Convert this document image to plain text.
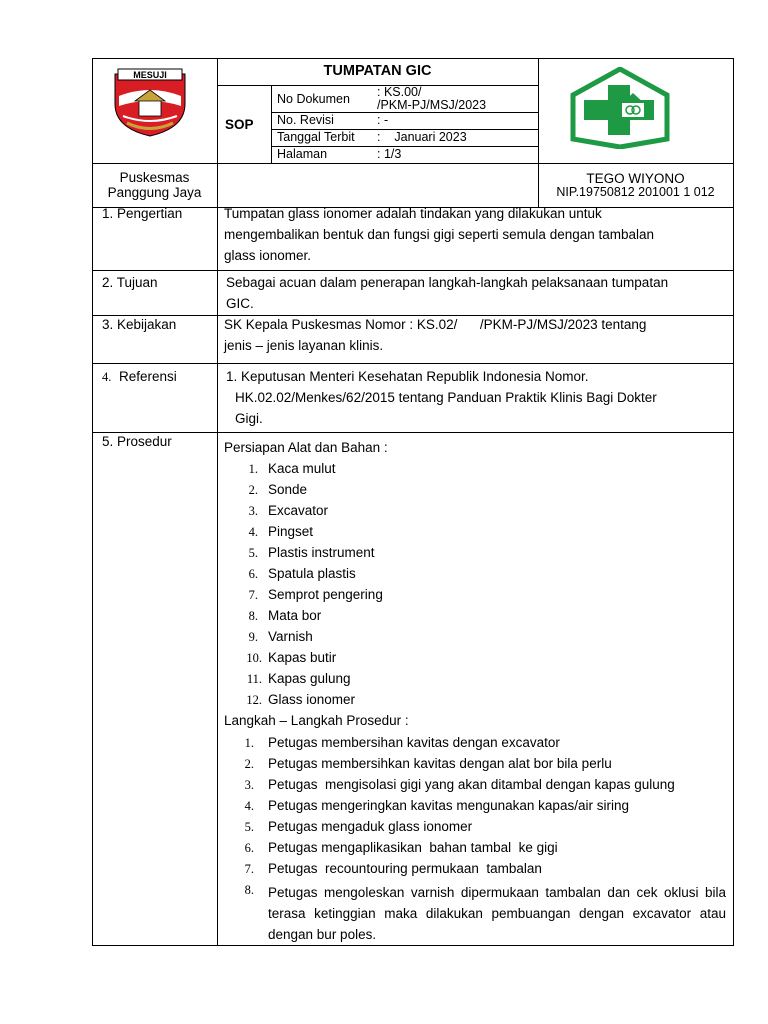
MESUJI	TUMPATAN GIC
SOP
No Dokumen : KS.00/
/PKM-PJ/MSJ/2023
No. Revisi	: -
Tanggal Terbit :    Januari 2023
Halaman	: 1/3
Puskesmas
Panggung Jaya
TEGO WIYONO
NIP.19750812 201001 1 012
1. Pengertian	Tumpatan glass ionomer adalah tindakan yang dilakukan untuk
mengembalikan bentuk dan fungsi gigi seperti semula dengan tambalan
glass ionomer.
2. Tujuan	Sebagai acuan dalam penerapan langkah-langkah pelaksanaan tumpatan
GIC.
3. Kebijakan	SK Kepala Puskesmas Nomor : KS.02/      /PKM-PJ/MSJ/2023 tentang
jenis – jenis layanan klinis.
4. Referensi	1. Keputusan Menteri Kesehatan Republik Indonesia Nomor.
HK.02.02/Menkes/62/2015 tentang Panduan Praktik Klinis Bagi Dokter
Gigi.
5. Prosedur	Persiapan Alat dan Bahan :
1. Kaca mulut
2. Sonde
3. Excavator
4. Pingset
5. Plastis instrument
6. Spatula plastis
7. Semprot pengering
8. Mata bor
9. Varnish
10. Kapas butir
11. Kapas gulung
12. Glass ionomer
Langkah – Langkah Prosedur :
1. Petugas membersihan kavitas dengan excavator
2. Petugas membersihkan kavitas dengan alat bor bila perlu
3. Petugas  mengisolasi gigi yang akan ditambal dengan kapas gulung
4. Petugas mengeringkan kavitas mengunakan kapas/air siring
5. Petugas mengaduk glass ionomer
6. Petugas mengaplikasikan  bahan tambal  ke gigi
7. Petugas  recountouring permukaan  tambalan
8. Petugas mengoleskan varnish dipermukaan tambalan dan cek oklusi bila terasa ketinggian maka dilakukan pembuangan dengan excavator atau dengan bur poles.
